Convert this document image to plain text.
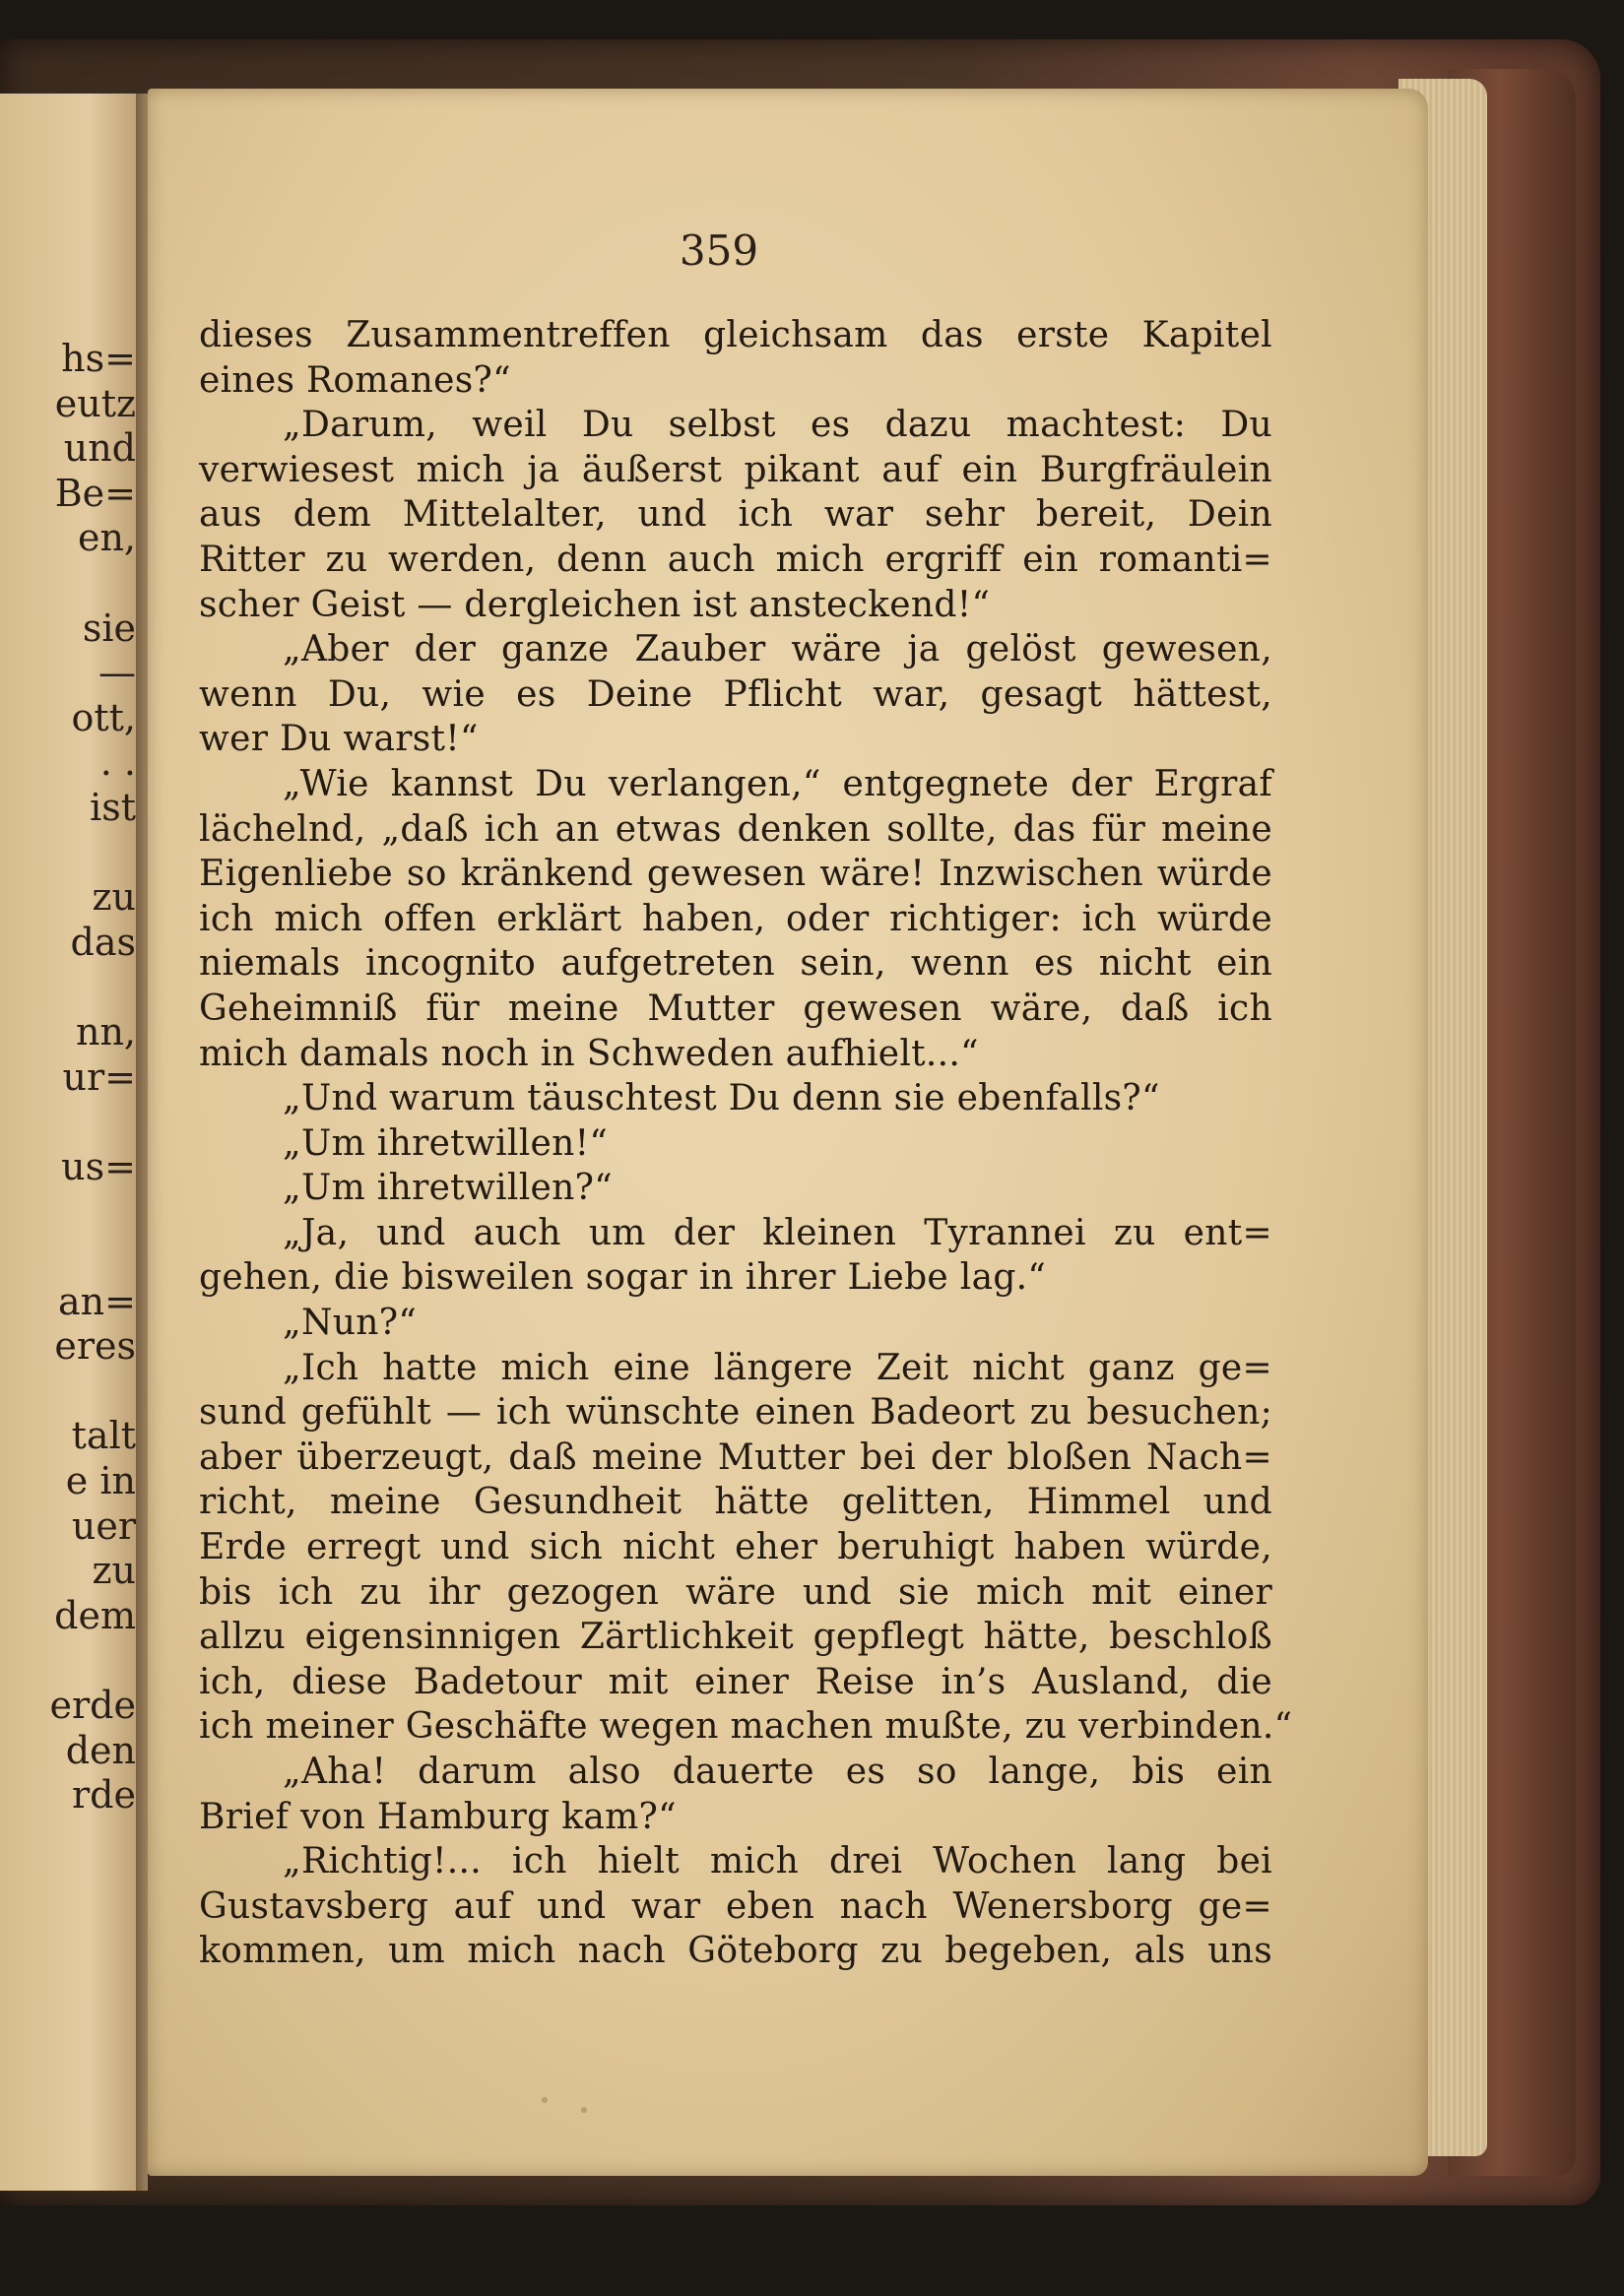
hs=
eutz
und
Be=
en,
sie
—
ott,
. .
ist
zu
das
nn,
ur=
us=
an=
eres
talt
e in
uer
zu
dem
erde
den
rde
359
dieses Zusammentreffen gleichsam das erste Kapitel
eines Romanes?“
„Darum, weil Du selbst es dazu machtest: Du
verwiesest mich ja äußerst pikant auf ein Burgfräulein
aus dem Mittelalter, und ich war sehr bereit, Dein
Ritter zu werden, denn auch mich ergriff ein romanti=
scher Geist — dergleichen ist ansteckend!“
„Aber der ganze Zauber wäre ja gelöst gewesen,
wenn Du, wie es Deine Pflicht war, gesagt hättest,
wer Du warst!“
„Wie kannst Du verlangen,“ entgegnete der Ergraf
lächelnd, „daß ich an etwas denken sollte, das für meine
Eigenliebe so kränkend gewesen wäre! Inzwischen würde
ich mich offen erklärt haben, oder richtiger: ich würde
niemals incognito aufgetreten sein, wenn es nicht ein
Geheimniß für meine Mutter gewesen wäre, daß ich
mich damals noch in Schweden aufhielt...“
„Und warum täuschtest Du denn sie ebenfalls?“
„Um ihretwillen!“
„Um ihretwillen?“
„Ja, und auch um der kleinen Tyrannei zu ent=
gehen, die bisweilen sogar in ihrer Liebe lag.“
„Nun?“
„Ich hatte mich eine längere Zeit nicht ganz ge=
sund gefühlt — ich wünschte einen Badeort zu besuchen;
aber überzeugt, daß meine Mutter bei der bloßen Nach=
richt, meine Gesundheit hätte gelitten, Himmel und
Erde erregt und sich nicht eher beruhigt haben würde,
bis ich zu ihr gezogen wäre und sie mich mit einer
allzu eigensinnigen Zärtlichkeit gepflegt hätte, beschloß
ich, diese Badetour mit einer Reise in’s Ausland, die
ich meiner Geschäfte wegen machen mußte, zu verbinden.“
„Aha! darum also dauerte es so lange, bis ein
Brief von Hamburg kam?“
„Richtig!... ich hielt mich drei Wochen lang bei
Gustavsberg auf und war eben nach Wenersborg ge=
kommen, um mich nach Göteborg zu begeben, als uns
